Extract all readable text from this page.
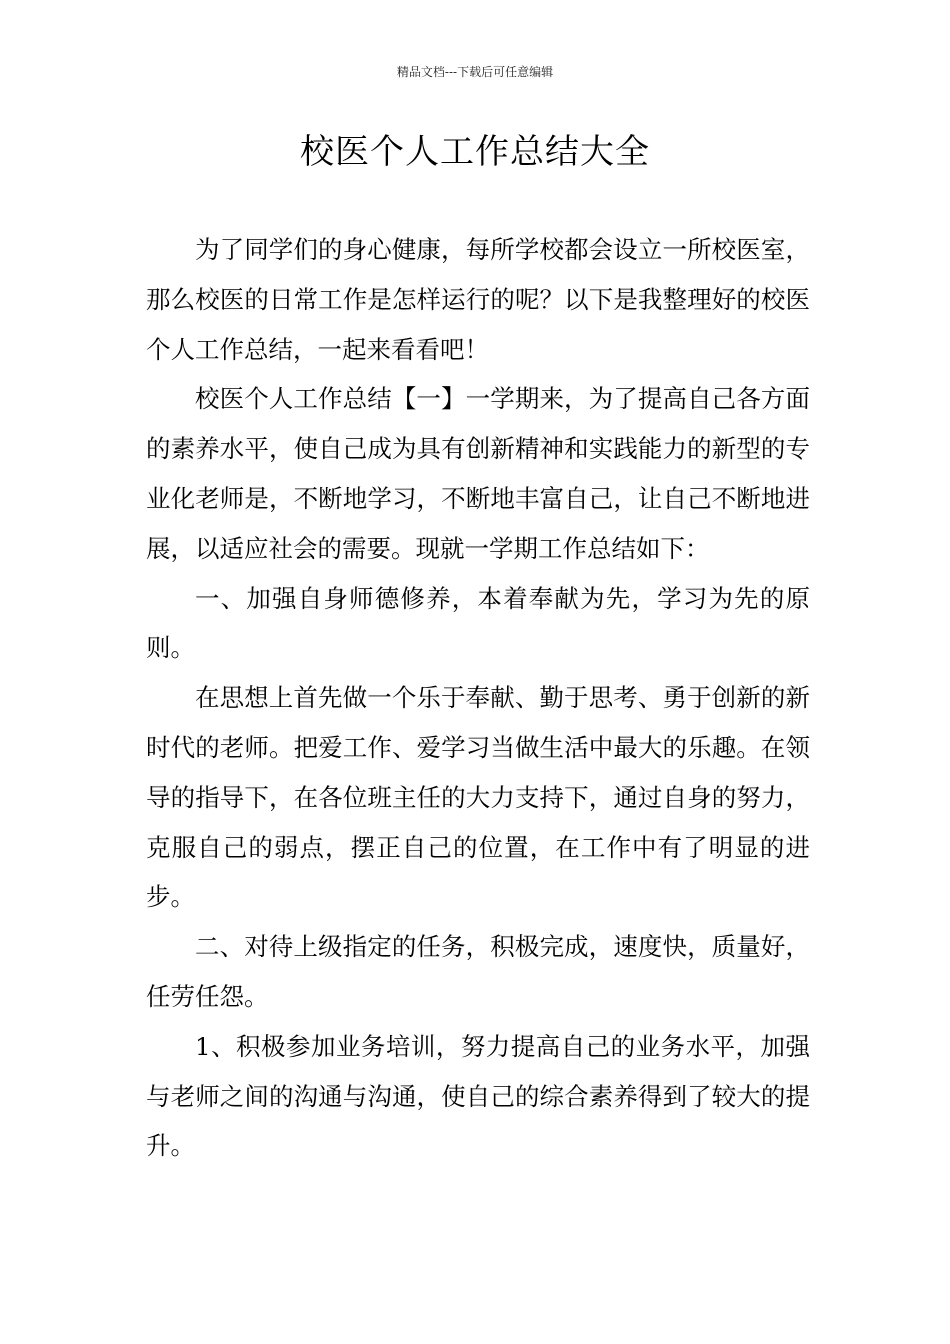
精品文档---下载后可任意编辑
校医个人工作总结大全

为了同学们的身心健康，每所学校都会设立一所校医室，那么校医的日常工作是怎样运行的呢？以下是我整理好的校医个人工作总结，一起来看看吧！

校医个人工作总结【一】一学期来，为了提高自己各方面的素养水平，使自己成为具有创新精神和实践能力的新型的专业化老师是，不断地学习，不断地丰富自己，让自己不断地进展，以适应社会的需要。现就一学期工作总结如下：

一、加强自身师德修养，本着奉献为先，学习为先的原则。

在思想上首先做一个乐于奉献、勤于思考、勇于创新的新时代的老师。把爱工作、爱学习当做生活中最大的乐趣。在领导的指导下，在各位班主任的大力支持下，通过自身的努力，克服自己的弱点，摆正自己的位置，在工作中有了明显的进步。

二、对待上级指定的任务，积极完成，速度快，质量好，任劳任怨。

1、积极参加业务培训，努力提高自己的业务水平，加强与老师之间的沟通与沟通，使自己的综合素养得到了较大的提升。
